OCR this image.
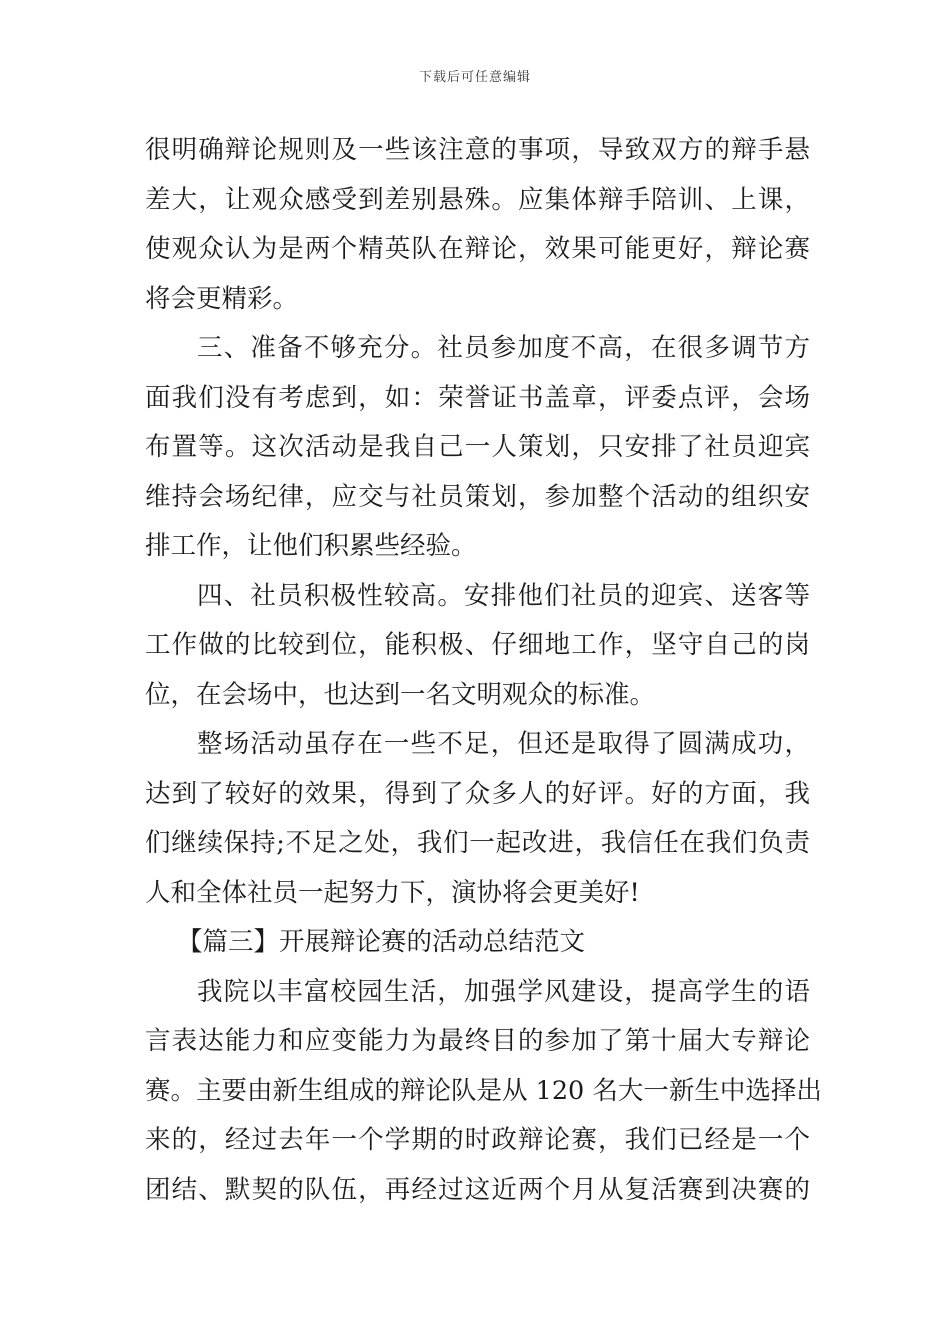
下载后可任意编辑
很明确辩论规则及一些该注意的事项，导致双方的辩手悬
差大，让观众感受到差别悬殊。应集体辩手陪训、上课，
使观众认为是两个精英队在辩论，效果可能更好，辩论赛
将会更精彩。
三、准备不够充分。社员参加度不高，在很多调节方
面我们没有考虑到，如：荣誉证书盖章，评委点评，会场
布置等。这次活动是我自己一人策划，只安排了社员迎宾
维持会场纪律，应交与社员策划，参加整个活动的组织安
排工作，让他们积累些经验。
四、社员积极性较高。安排他们社员的迎宾、送客等
工作做的比较到位，能积极、仔细地工作，坚守自己的岗
位，在会场中，也达到一名文明观众的标准。
整场活动虽存在一些不足，但还是取得了圆满成功，
达到了较好的效果，得到了众多人的好评。好的方面，我
们继续保持;不足之处，我们一起改进，我信任在我们负责
人和全体社员一起努力下，演协将会更美好!
【篇三】开展辩论赛的活动总结范文
我院以丰富校园生活，加强学风建设，提高学生的语
言表达能力和应变能力为最终目的参加了第十届大专辩论
赛。主要由新生组成的辩论队是从 120 名大一新生中选择出
来的，经过去年一个学期的时政辩论赛，我们已经是一个
团结、默契的队伍，再经过这近两个月从复活赛到决赛的
